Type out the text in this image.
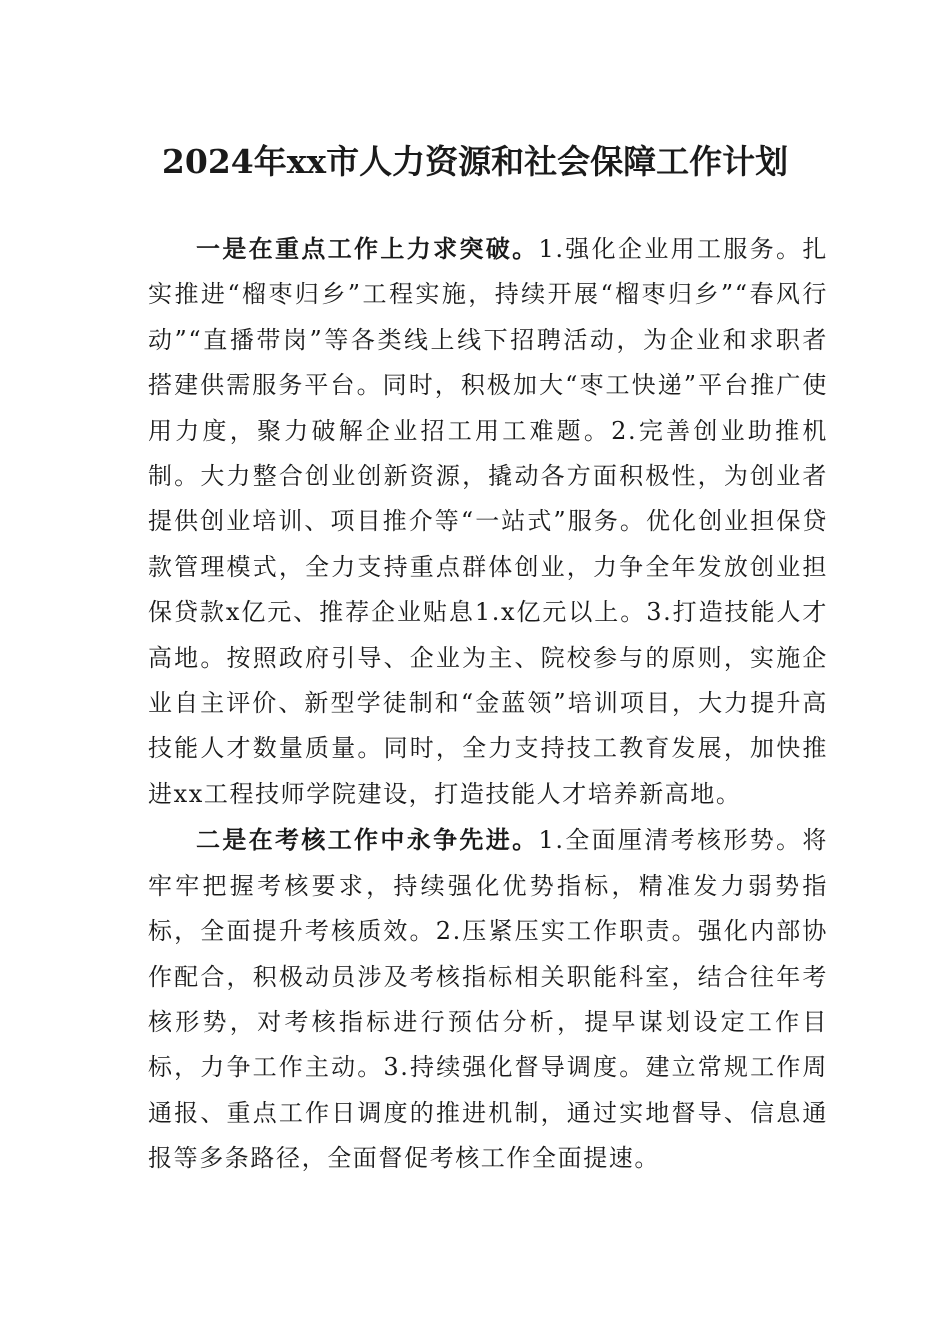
2024年xx市人力资源和社会保障工作计划

一是在重点工作上力求突破。1.强化企业用工服务。扎实推进“榴枣归乡”工程实施，持续开展“榴枣归乡”“春风行动”“直播带岗”等各类线上线下招聘活动，为企业和求职者搭建供需服务平台。同时，积极加大“枣工快递”平台推广使用力度，聚力破解企业招工用工难题。2.完善创业助推机制。大力整合创业创新资源，撬动各方面积极性，为创业者提供创业培训、项目推介等“一站式”服务。优化创业担保贷款管理模式，全力支持重点群体创业，力争全年发放创业担保贷款x亿元、推荐企业贴息1.x亿元以上。3.打造技能人才高地。按照政府引导、企业为主、院校参与的原则，实施企业自主评价、新型学徒制和“金蓝领”培训项目，大力提升高技能人才数量质量。同时，全力支持技工教育发展，加快推进xx工程技师学院建设，打造技能人才培养新高地。

二是在考核工作中永争先进。1.全面厘清考核形势。将牢牢把握考核要求，持续强化优势指标，精准发力弱势指标，全面提升考核质效。2.压紧压实工作职责。强化内部协作配合，积极动员涉及考核指标相关职能科室，结合往年考核形势，对考核指标进行预估分析，提早谋划设定工作目标，力争工作主动。3.持续强化督导调度。建立常规工作周通报、重点工作日调度的推进机制，通过实地督导、信息通报等多条路径，全面督促考核工作全面提速。
